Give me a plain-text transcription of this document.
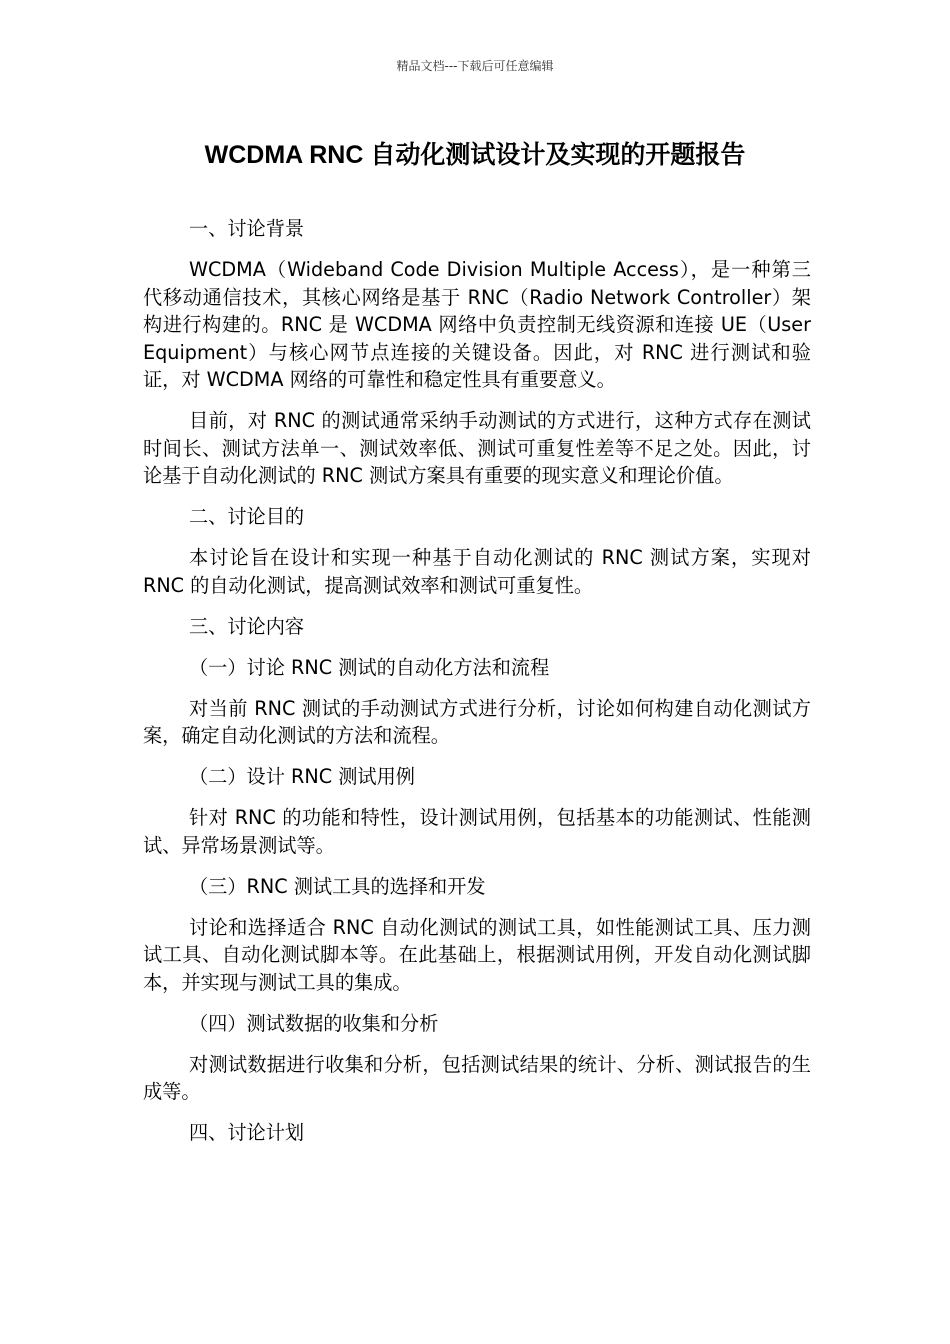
精品文档---下载后可任意编辑
WCDMA RNC 自动化测试设计及实现的开题报告

一、讨论背景

WCDMA（Wideband Code Division Multiple Access），是一种第三代移动通信技术，其核心网络是基于 RNC（Radio Network Controller）架构进行构建的。RNC 是 WCDMA 网络中负责控制无线资源和连接 UE（User Equipment）与核心网节点连接的关键设备。因此，对 RNC 进行测试和验证，对 WCDMA 网络的可靠性和稳定性具有重要意义。

目前，对 RNC 的测试通常采纳手动测试的方式进行，这种方式存在测试时间长、测试方法单一、测试效率低、测试可重复性差等不足之处。因此，讨论基于自动化测试的 RNC 测试方案具有重要的现实意义和理论价值。

二、讨论目的

本讨论旨在设计和实现一种基于自动化测试的 RNC 测试方案，实现对 RNC 的自动化测试，提高测试效率和测试可重复性。

三、讨论内容

（一）讨论 RNC 测试的自动化方法和流程

对当前 RNC 测试的手动测试方式进行分析，讨论如何构建自动化测试方案，确定自动化测试的方法和流程。

（二）设计 RNC 测试用例

针对 RNC 的功能和特性，设计测试用例，包括基本的功能测试、性能测试、异常场景测试等。

（三）RNC 测试工具的选择和开发

讨论和选择适合 RNC 自动化测试的测试工具，如性能测试工具、压力测试工具、自动化测试脚本等。在此基础上，根据测试用例，开发自动化测试脚本，并实现与测试工具的集成。

（四）测试数据的收集和分析

对测试数据进行收集和分析，包括测试结果的统计、分析、测试报告的生成等。

四、讨论计划
